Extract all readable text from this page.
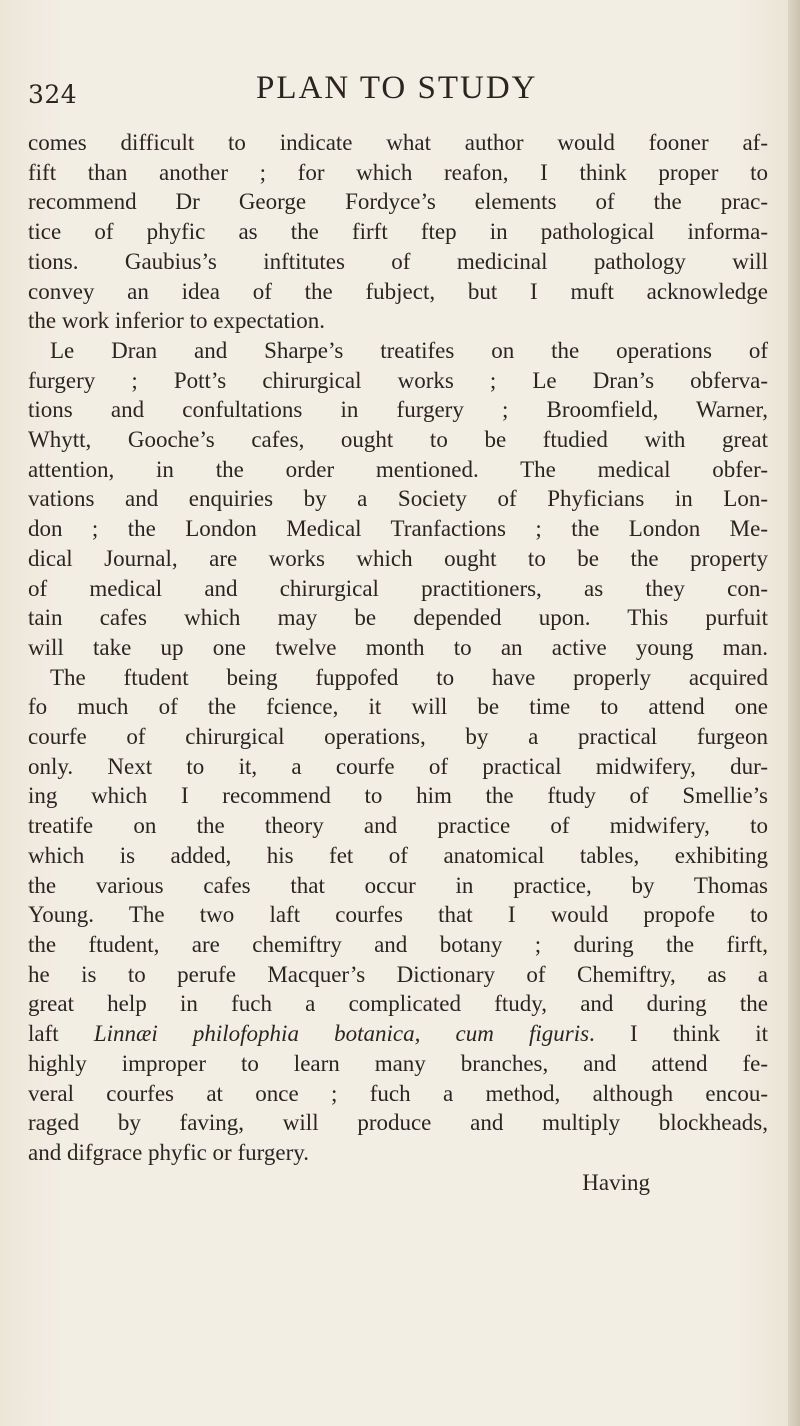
324	PLAN TO STUDY
comes difficult to indicate what author would fooner af-
fift than another ; for which reafon, I think proper to
recommend Dr George Fordyce’s elements of the prac-
tice of phyfic as the firft ftep in pathological informa-
tions. Gaubius’s inftitutes of medicinal pathology will
convey an idea of the fubject, but I muft acknowledge
the work inferior to expectation.
Le Dran and Sharpe’s treatifes on the operations of
furgery ; Pott’s chirurgical works ; Le Dran’s obferva-
tions and confultations in furgery ; Broomfield, Warner,
Whytt, Gooche’s cafes, ought to be ftudied with great
attention, in the order mentioned. The medical obfer-
vations and enquiries by a Society of Phyficians in Lon-
don ; the London Medical Tranfactions ; the London Me-
dical Journal, are works which ought to be the property
of medical and chirurgical practitioners, as they con-
tain cafes which may be depended upon. This purfuit
will take up one twelve month to an active young man.
The ftudent being fuppofed to have properly acquired
fo much of the fcience, it will be time to attend one
courfe of chirurgical operations, by a practical furgeon
only. Next to it, a courfe of practical midwifery, dur-
ing which I recommend to him the ftudy of Smellie’s
treatife on the theory and practice of midwifery, to
which is added, his fet of anatomical tables, exhibiting
the various cafes that occur in practice, by Thomas
Young. The two laft courfes that I would propofe to
the ftudent, are chemiftry and botany ; during the firft,
he is to perufe Macquer’s Dictionary of Chemiftry, as a
great help in fuch a complicated ftudy, and during the
laft Linnæi philofophia botanica, cum figuris. I think it
highly improper to learn many branches, and attend fe-
veral courfes at once ; fuch a method, although encou-
raged by faving, will produce and multiply blockheads,
and difgrace phyfic or furgery.
Having
